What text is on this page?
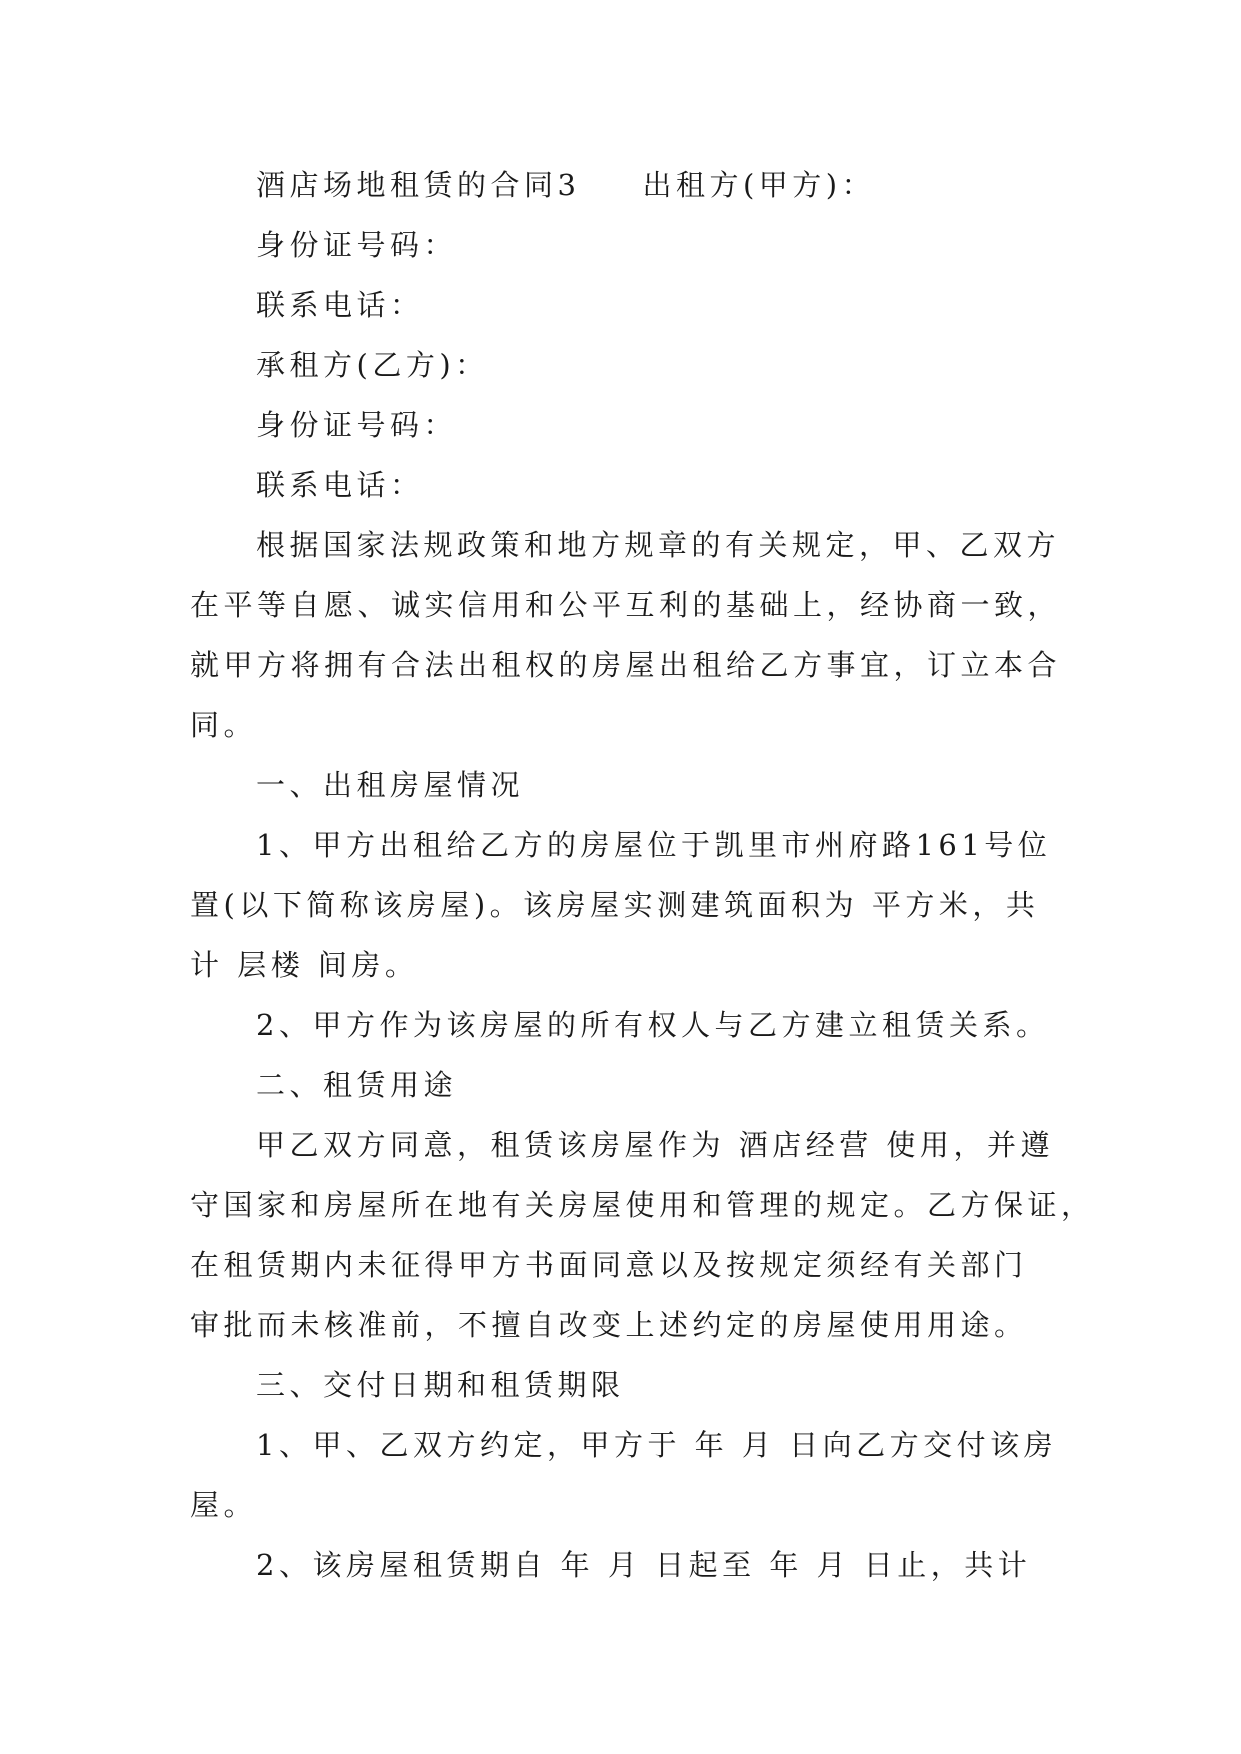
酒店场地租赁的合同3 出租方(甲方)：

身份证号码：

联系电话：

承租方(乙方)：

身份证号码：

联系电话：

根据国家法规政策和地方规章的有关规定，甲、乙双方

在平等自愿、诚实信用和公平互利的基础上，经协商一致，

就甲方将拥有合法出租权的房屋出租给乙方事宜，订立本合

同。

一、出租房屋情况

1、甲方出租给乙方的房屋位于凯里市州府路161号位

置(以下简称该房屋)。该房屋实测建筑面积为 平方米，共

计 层楼 间房。

2、甲方作为该房屋的所有权人与乙方建立租赁关系。

二、租赁用途

甲乙双方同意，租赁该房屋作为 酒店经营 使用，并遵

守国家和房屋所在地有关房屋使用和管理的规定。乙方保证，

在租赁期内未征得甲方书面同意以及按规定须经有关部门

审批而未核准前，不擅自改变上述约定的房屋使用用途。

三、交付日期和租赁期限

1、甲、乙双方约定，甲方于 年 月 日向乙方交付该房

屋。

2、该房屋租赁期自 年 月 日起至 年 月 日止，共计
